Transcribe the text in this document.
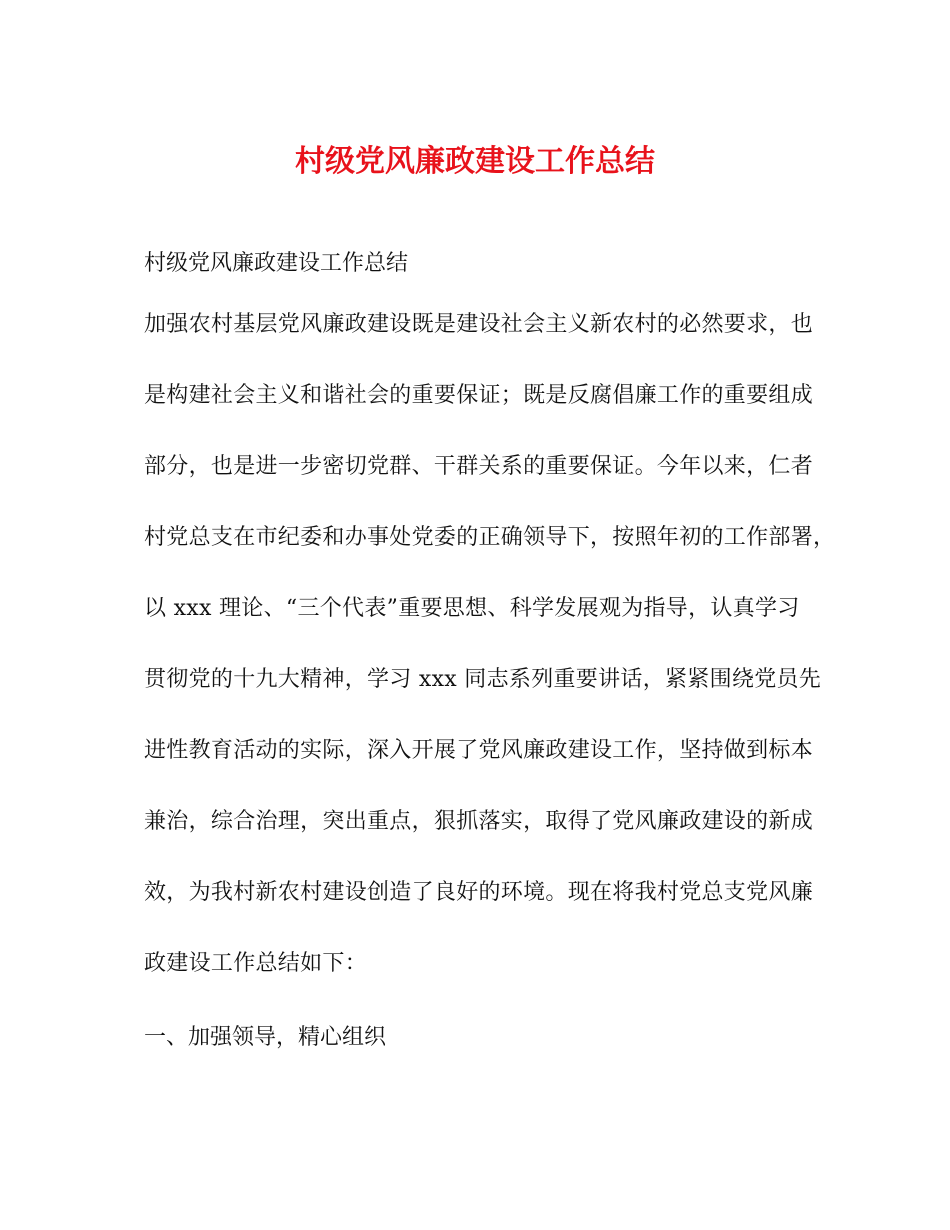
村级党风廉政建设工作总结
村级党风廉政建设工作总结
加强农村基层党风廉政建设既是建设社会主义新农村的必然要求，也
是构建社会主义和谐社会的重要保证；既是反腐倡廉工作的重要组成
部分，也是进一步密切党群、干群关系的重要保证。今年以来，仁者
村党总支在市纪委和办事处党委的正确领导下，按照年初的工作部署，
以 xxx 理论、“三个代表”重要思想、科学发展观为指导，认真学习
贯彻党的十九大精神，学习 xxx 同志系列重要讲话，紧紧围绕党员先
进性教育活动的实际，深入开展了党风廉政建设工作，坚持做到标本
兼治，综合治理，突出重点，狠抓落实，取得了党风廉政建设的新成
效，为我村新农村建设创造了良好的环境。现在将我村党总支党风廉
政建设工作总结如下：
一、加强领导，精心组织
